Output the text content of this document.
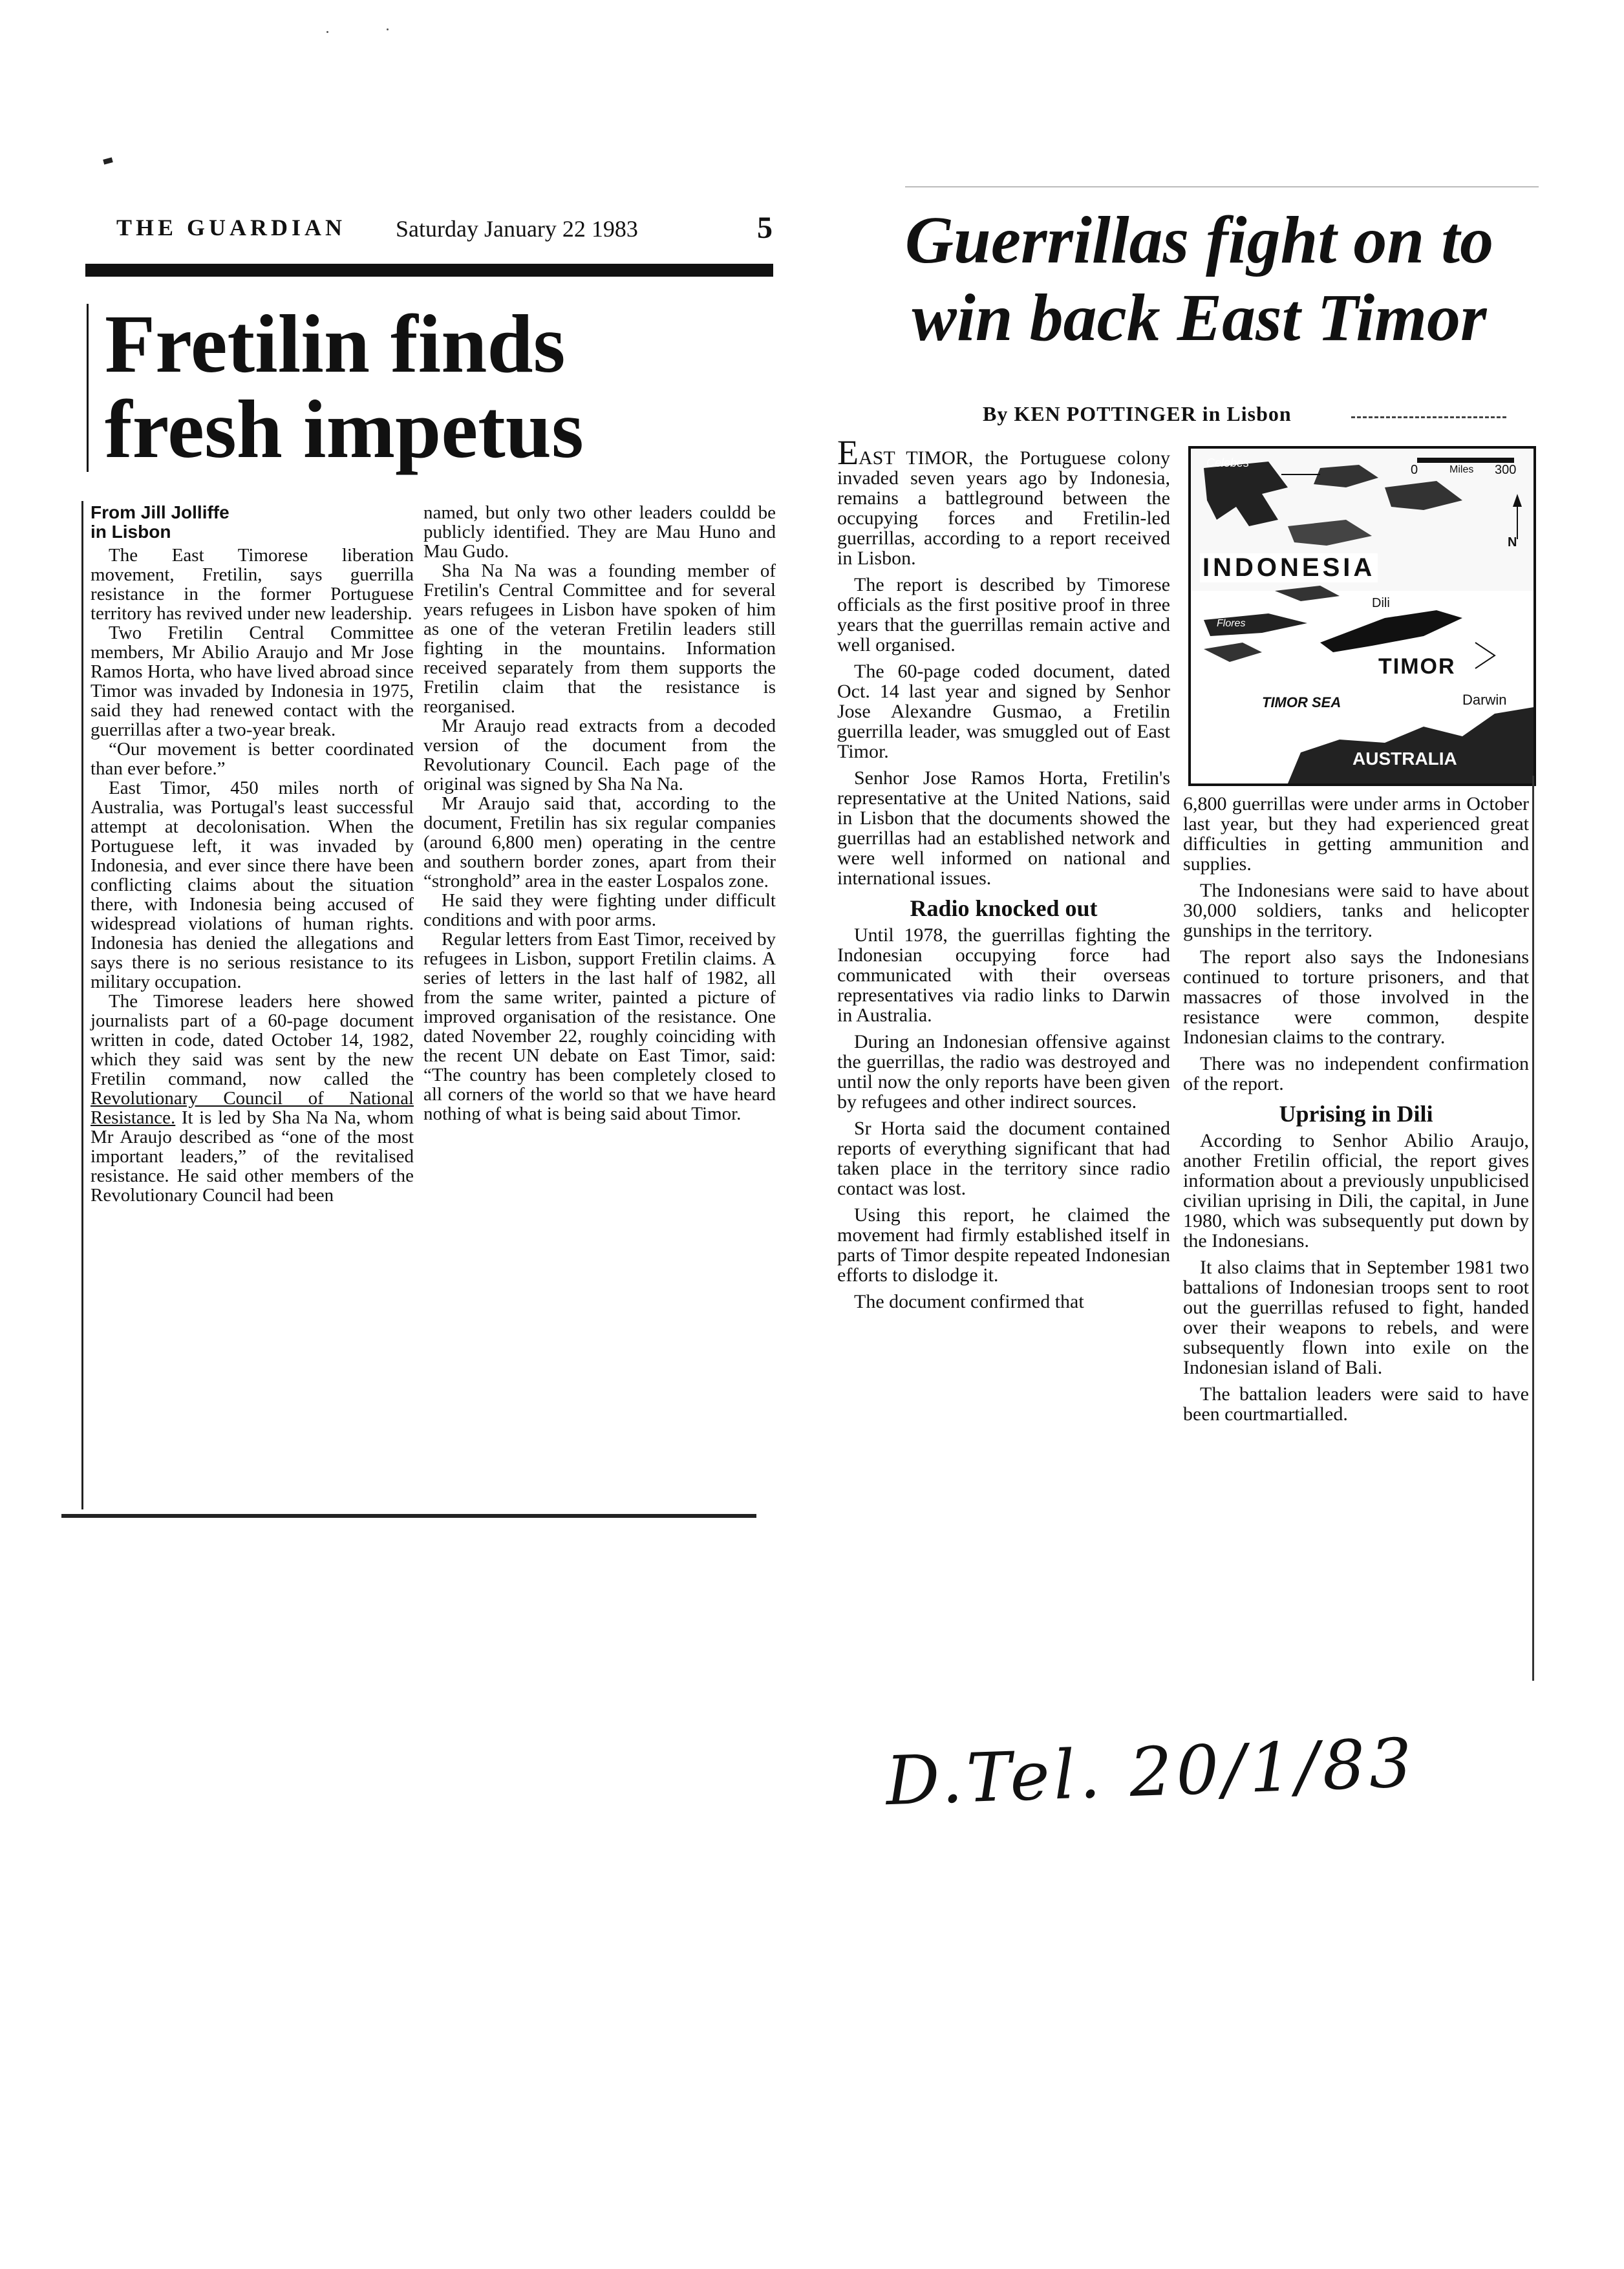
THE GUARDIAN Saturday January 22 1983	5
Fretilin finds
fresh impetus
From Jill Jolliffe
in Lisbon

The East Timorese liberation movement, Fretilin, says guerrilla resistance in the former Portuguese territory has revived under new leadership.

Two Fretilin Central Committee members, Mr Abilio Araujo and Mr Jose Ramos Horta, who have lived abroad since Timor was invaded by Indonesia in 1975, said they had renewed contact with the guerrillas after a two-year break.

“Our movement is better coordinated than ever before.”

East Timor, 450 miles north of Australia, was Portugal's least successful attempt at decolonisation. When the Portuguese left, it was invaded by Indonesia, and ever since there have been conflicting claims about the situation there, with Indonesia being accused of widespread violations of human rights. Indonesia has denied the allegations and says there is no serious resistance to its military occupation.

The Timorese leaders here showed journalists part of a 60-page document written in code, dated October 14, 1982, which they said was sent by the new Fretilin command, now called the Revolutionary Council of National Resistance. It is led by Sha Na Na, whom Mr Araujo described as “one of the most important leaders,” of the revitalised resistance. He said other members of the Revolutionary Council had been

named, but only two other leaders couldd be publicly identified. They are Mau Huno and Mau Gudo.

Sha Na Na was a founding member of Fretilin's Central Committee and for several years refugees in Lisbon have spoken of him as one of the veteran Fretilin leaders still fighting in the mountains. Information received separately from them supports the Fretilin claim that the resistance is reorganised.

Mr Araujo read extracts from a decoded version of the document from the Revolutionary Council. Each page of the original was signed by Sha Na Na.

Mr Araujo said that, according to the document, Fretilin has six regular companies (around 6,800 men) operating in the centre and southern border zones, apart from their “stronghold” area in the easter Lospalos zone.

He said they were fighting under difficult conditions and with poor arms.

Regular letters from East Timor, received by refugees in Lisbon, support Fretilin claims. A series of letters in the last half of 1982, all from the same writer, painted a picture of improved organisation of the resistance. One dated November 22, roughly coinciding with the recent UN debate on East Timor, said: “The country has been completely closed to all corners of the world so that we have heard nothing of what is being said about Timor.

Guerrillas fight on to
win back East Timor
By KEN POTTINGER in Lisbon

EAST TIMOR, the Portuguese colony invaded seven years ago by Indonesia, remains a battleground between the occupying forces and Fretilin-led guerrillas, according to a report received in Lisbon.

The report is described by Timorese officials as the first positive proof in three years that the guerrillas remain active and well organised.

The 60-page coded document, dated Oct. 14 last year and signed by Senhor Jose Alexandre Gusmao, a Fretilin guerrilla leader, was smuggled out of East Timor.

Senhor Jose Ramos Horta, Fretilin's representative at the United Nations, said in Lisbon that the documents showed the guerrillas had an established network and were well informed on national and international issues.

Radio knocked out

Until 1978, the guerrillas fighting the Indonesian occupying force had communicated with their overseas representatives via radio links to Darwin in Australia.

During an Indonesian offensive against the guerrillas, the radio was destroyed and until now the only reports have been given by refugees and other indirect sources.

Sr Horta said the document contained reports of everything significant that had taken place in the territory since radio contact was lost.

Using this report, he claimed the movement had firmly established itself in parts of Timor despite repeated Indonesian efforts to dislodge it.

The document confirmed that

Celebes	0	Miles 300
N
INDONESIA
Dili
Flores
TIMOR
TIMOR SEA	Darwin
AUSTRALIA

6,800 guerrillas were under arms in October last year, but they had experienced great difficulties in getting ammunition and supplies.

The Indonesians were said to have about 30,000 soldiers, tanks and helicopter gunships in the territory.

The report also says the Indonesians continued to torture prisoners, and that massacres of those involved in the resistance were common, despite Indonesian claims to the contrary.

There was no independent confirmation of the report.

Uprising in Dili

According to Senhor Abilio Araujo, another Fretilin official, the report gives information about a previously unpublicised civilian uprising in Dili, the capital, in June 1980, which was subsequently put down by the Indonesians.

It also claims that in September 1981 two battalions of Indonesian troops sent to root out the guerrillas refused to fight, handed over their weapons to rebels, and were subsequently flown into exile on the Indonesian island of Bali.

The battalion leaders were said to have been courtmartialled.

D.Tel. 20/1/83
